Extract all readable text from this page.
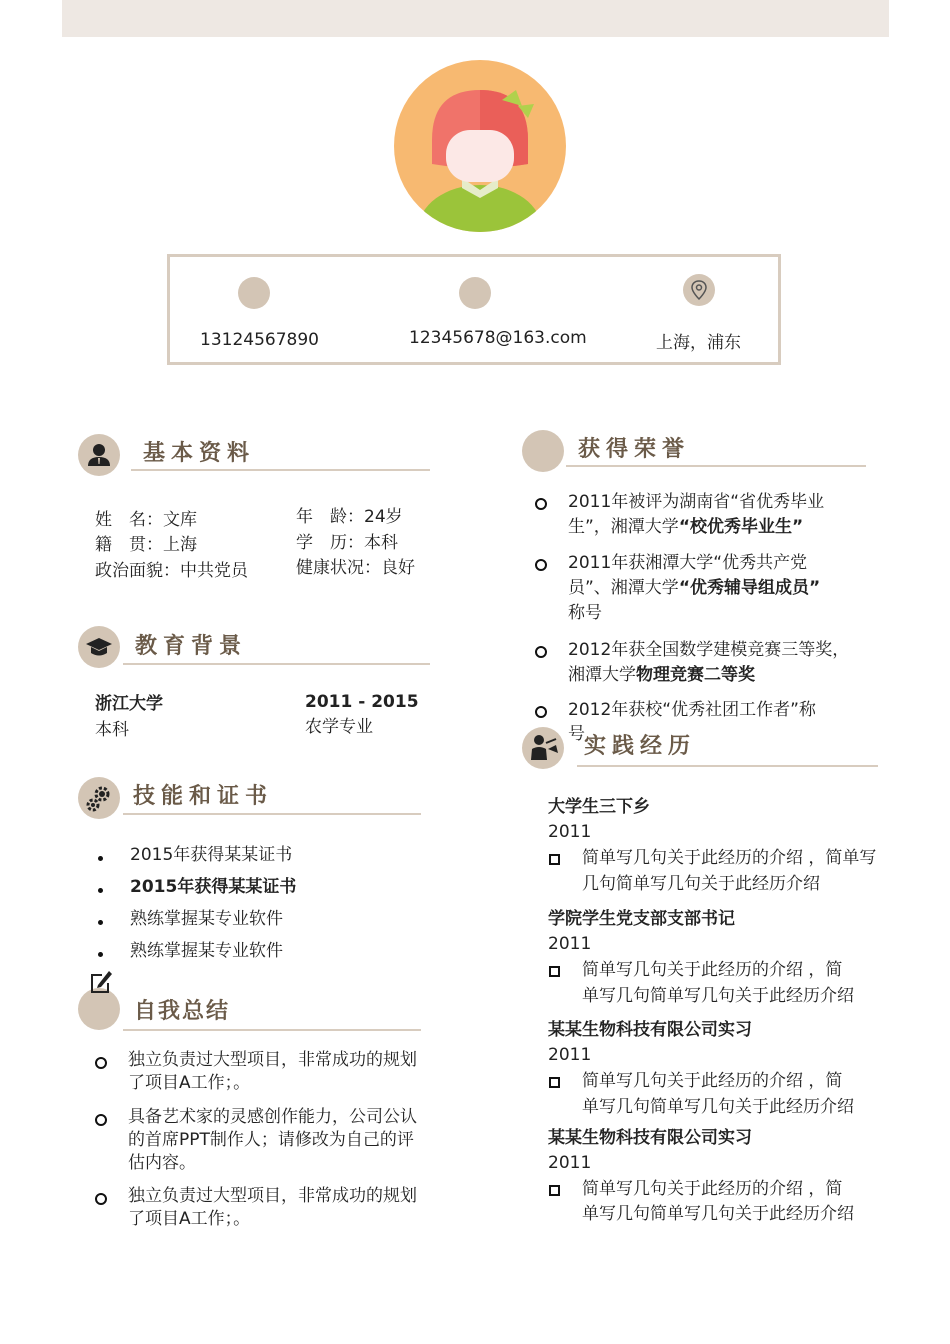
13124567890	12345678@163.com	上海，浦东
基本资料
姓　名：文库
籍　贯：上海
政治面貌：中共党员
年　龄：24岁
学　历：本科
健康状况：良好
教育背景
浙江大学
本科
2011 - 2015
农学专业
技能和证书
2015年获得某某证书
2015年获得某某证书
熟练掌握某专业软件
熟练掌握某专业软件
自我总结
独立负责过大型项目，非常成功的规划了项目A工作；。
具备艺术家的灵感创作能力，公司公认的首席PPT制作人；请修改为自己的评估内容。
独立负责过大型项目，非常成功的规划了项目A工作；。
获得荣誉
2011年被评为湖南省“省优秀毕业
生”，湘潭大学“校优秀毕业生”
2011年获湘潭大学“优秀共产党
员”、湘潭大学“优秀辅导组成员”
称号
2012年获全国数学建模竞赛三等奖，
湘潭大学物理竞赛二等奖
2012年获校“优秀社团工作者”称
号 实践经历
大学生三下乡
2011
简单写几句关于此经历的介绍 ，简单写
几句简单写几句关于此经历介绍
学院学生党支部支部书记
2011
简单写几句关于此经历的介绍 ，简
单写几句简单写几句关于此经历介绍
某某生物科技有限公司实习
2011
简单写几句关于此经历的介绍 ，简
单写几句简单写几句关于此经历介绍
某某生物科技有限公司实习
2011
简单写几句关于此经历的介绍 ，简
单写几句简单写几句关于此经历介绍
